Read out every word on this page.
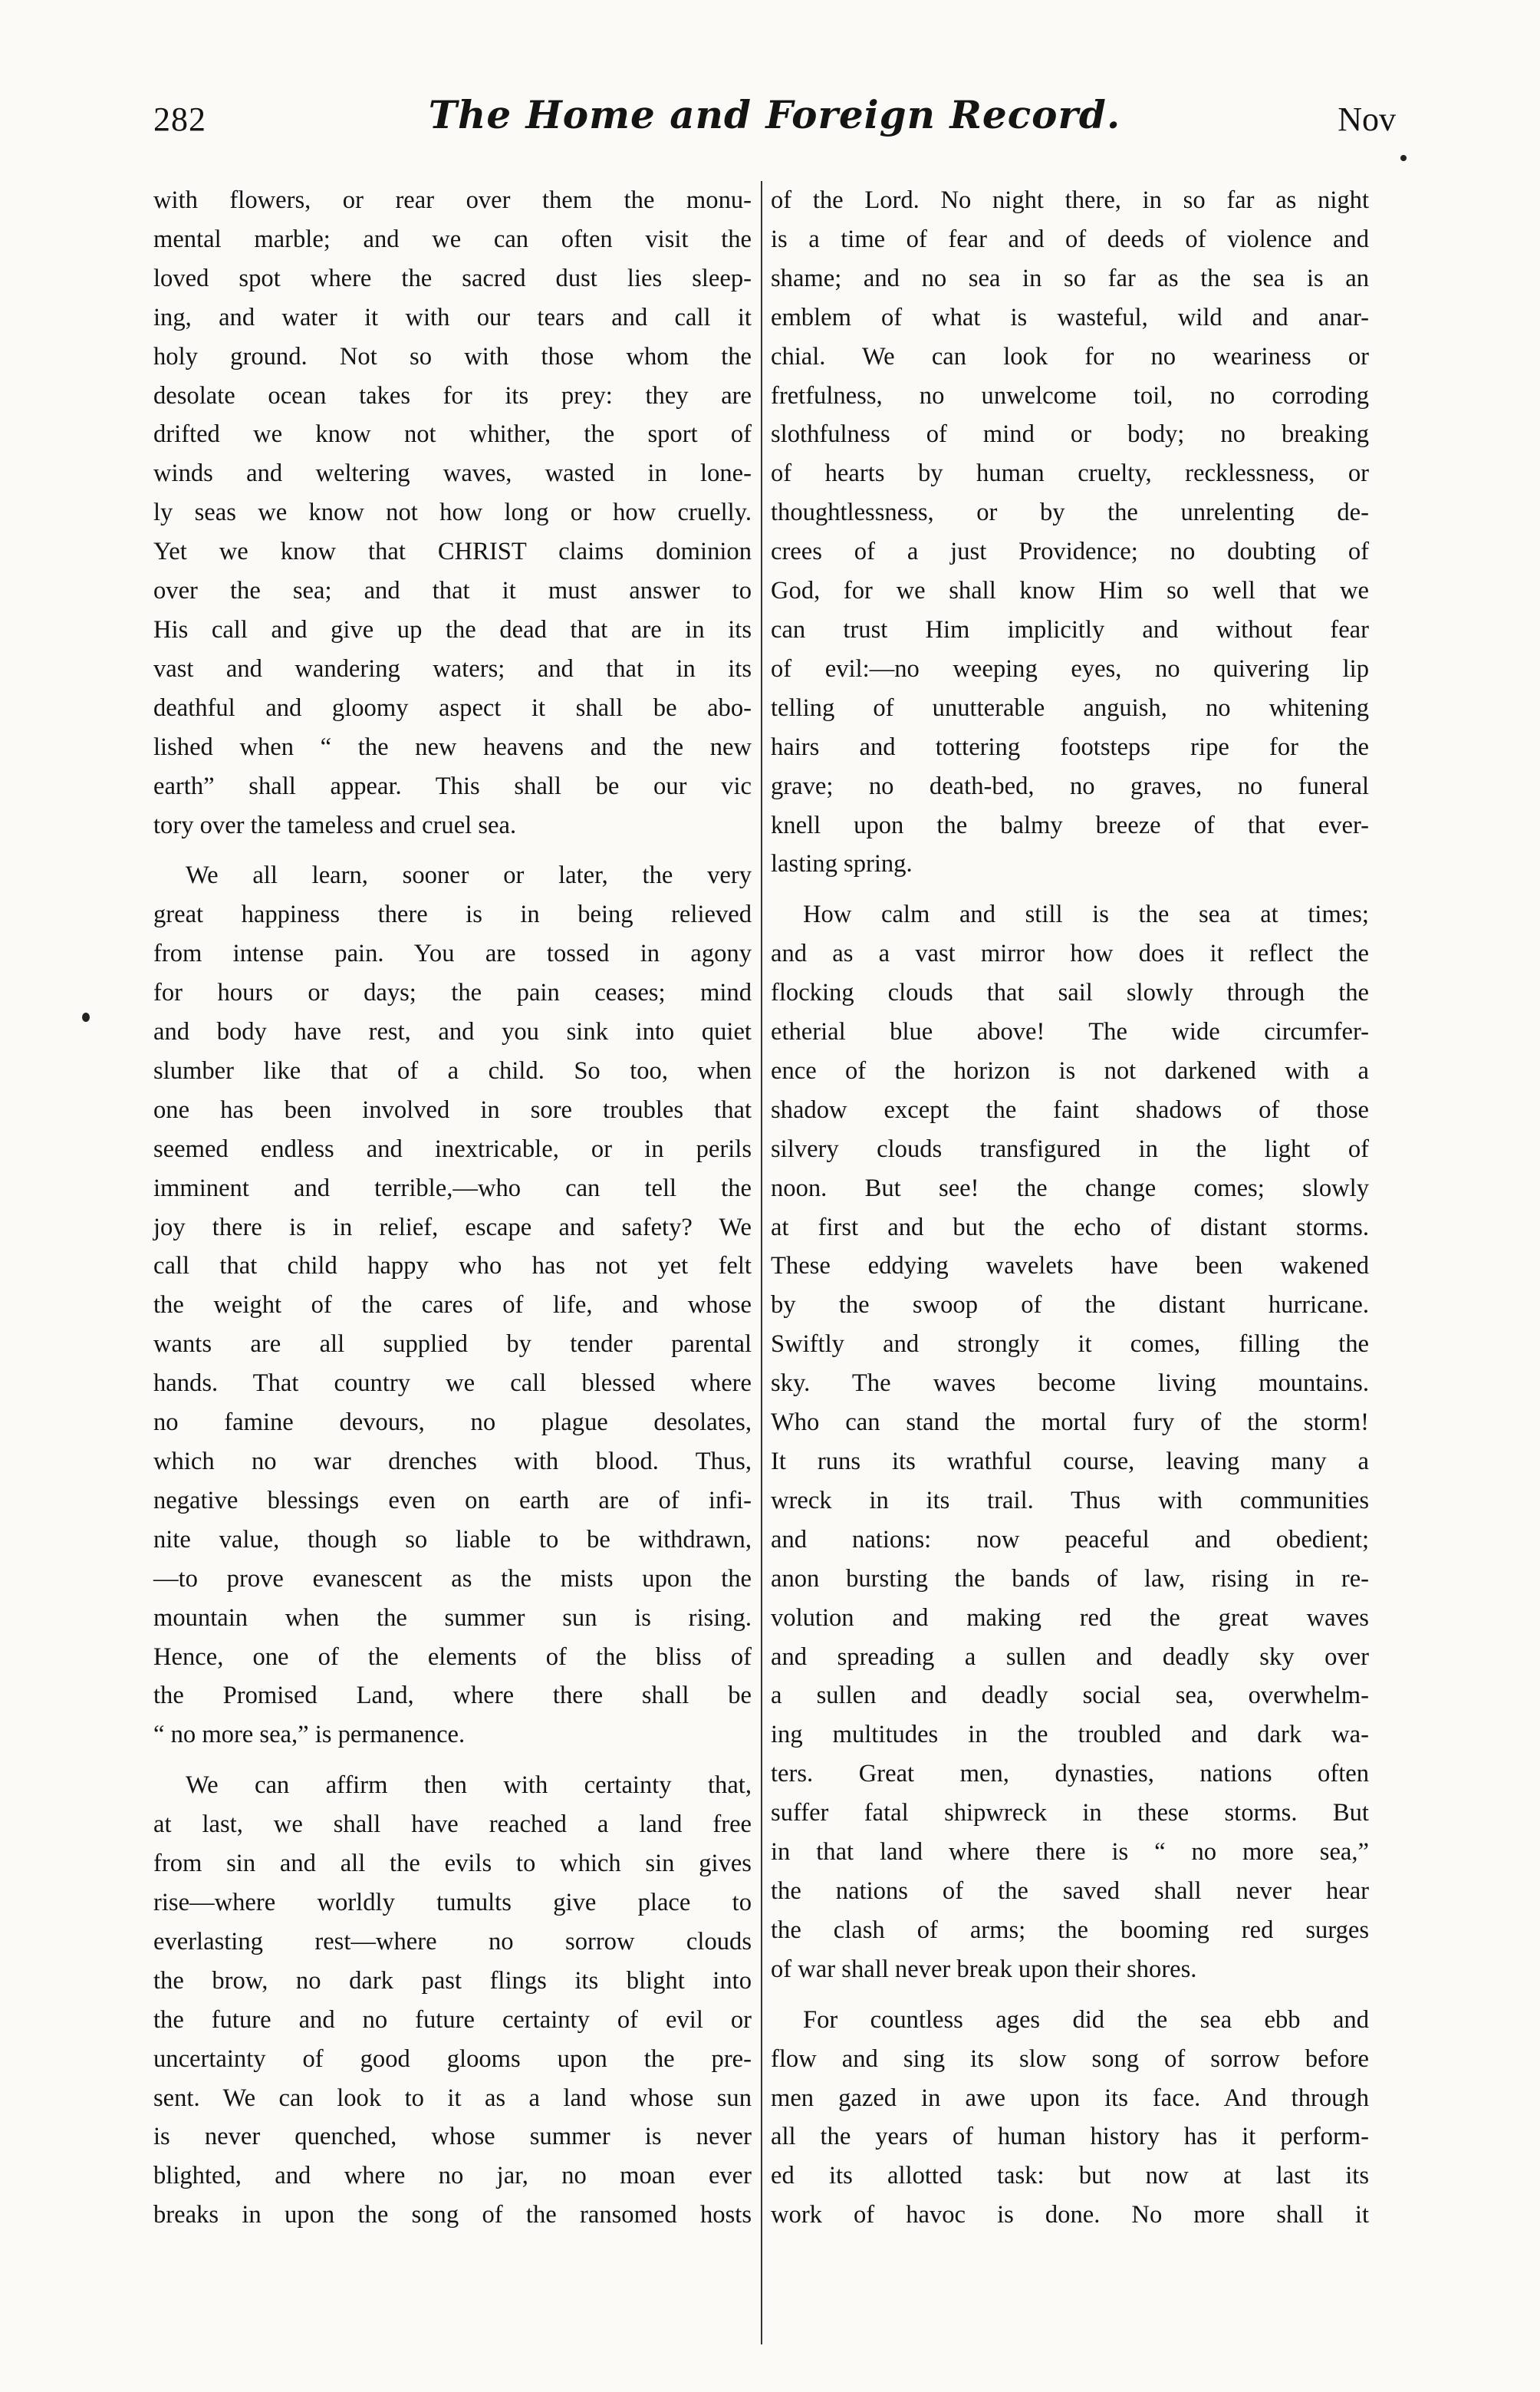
282	The Home and Foreign Record.	Nov

with flowers, or rear over them the monu-

mental marble; and we can often visit the

loved spot where the sacred dust lies sleep-

ing, and water it with our tears and call it

holy ground. Not so with those whom the

desolate ocean takes for its prey: they are

drifted we know not whither, the sport of

winds and weltering waves, wasted in lone-

ly seas we know not how long or how cruelly.

Yet we know that CHRIST claims dominion

over the sea; and that it must answer to

His call and give up the dead that are in its

vast and wandering waters; and that in its

deathful and gloomy aspect it shall be abo-

lished when “ the new heavens and the new

earth” shall appear. This shall be our vic

tory over the tameless and cruel sea.

We all learn, sooner or later, the very

great happiness there is in being relieved

from intense pain. You are tossed in agony

for hours or days; the pain ceases; mind

and body have rest, and you sink into quiet

slumber like that of a child. So too, when

one has been involved in sore troubles that

seemed endless and inextricable, or in perils

imminent and terrible,—who can tell the

joy there is in relief, escape and safety? We

call that child happy who has not yet felt

the weight of the cares of life, and whose

wants are all supplied by tender parental

hands. That country we call blessed where

no famine devours, no plague desolates,

which no war drenches with blood. Thus,

negative blessings even on earth are of infi-

nite value, though so liable to be withdrawn,

—to prove evanescent as the mists upon the

mountain when the summer sun is rising.

Hence, one of the elements of the bliss of

the Promised Land, where there shall be

“ no more sea,” is permanence.

We can affirm then with certainty that,

at last, we shall have reached a land free

from sin and all the evils to which sin gives

rise—where worldly tumults give place to

everlasting rest—where no sorrow clouds

the brow, no dark past flings its blight into

the future and no future certainty of evil or

uncertainty of good glooms upon the pre-

sent. We can look to it as a land whose sun

is never quenched, whose summer is never

blighted, and where no jar, no moan ever

breaks in upon the song of the ransomed hosts

of the Lord. No night there, in so far as night

is a time of fear and of deeds of violence and

shame; and no sea in so far as the sea is an

emblem of what is wasteful, wild and anar-

chial. We can look for no weariness or

fretfulness, no unwelcome toil, no corroding

slothfulness of mind or body; no breaking

of hearts by human cruelty, recklessness, or

thoughtlessness, or by the unrelenting de-

crees of a just Providence; no doubting of

God, for we shall know Him so well that we

can trust Him implicitly and without fear

of evil:—no weeping eyes, no quivering lip

telling of unutterable anguish, no whitening

hairs and tottering footsteps ripe for the

grave; no death-bed, no graves, no funeral

knell upon the balmy breeze of that ever-

lasting spring.

How calm and still is the sea at times;

and as a vast mirror how does it reflect the

flocking clouds that sail slowly through the

etherial blue above! The wide circumfer-

ence of the horizon is not darkened with a

shadow except the faint shadows of those

silvery clouds transfigured in the light of

noon. But see! the change comes; slowly

at first and but the echo of distant storms.

These eddying wavelets have been wakened

by the swoop of the distant hurricane.

Swiftly and strongly it comes, filling the

sky. The waves become living mountains.

Who can stand the mortal fury of the storm!

It runs its wrathful course, leaving many a

wreck in its trail. Thus with communities

and nations: now peaceful and obedient;

anon bursting the bands of law, rising in re-

volution and making red the great waves

and spreading a sullen and deadly sky over

a sullen and deadly social sea, overwhelm-

ing multitudes in the troubled and dark wa-

ters. Great men, dynasties, nations often

suffer fatal shipwreck in these storms. But

in that land where there is “ no more sea,”

the nations of the saved shall never hear

the clash of arms; the booming red surges

of war shall never break upon their shores.

For countless ages did the sea ebb and

flow and sing its slow song of sorrow before

men gazed in awe upon its face. And through

all the years of human history has it perform-

ed its allotted task: but now at last its

work of havoc is done. No more shall it
